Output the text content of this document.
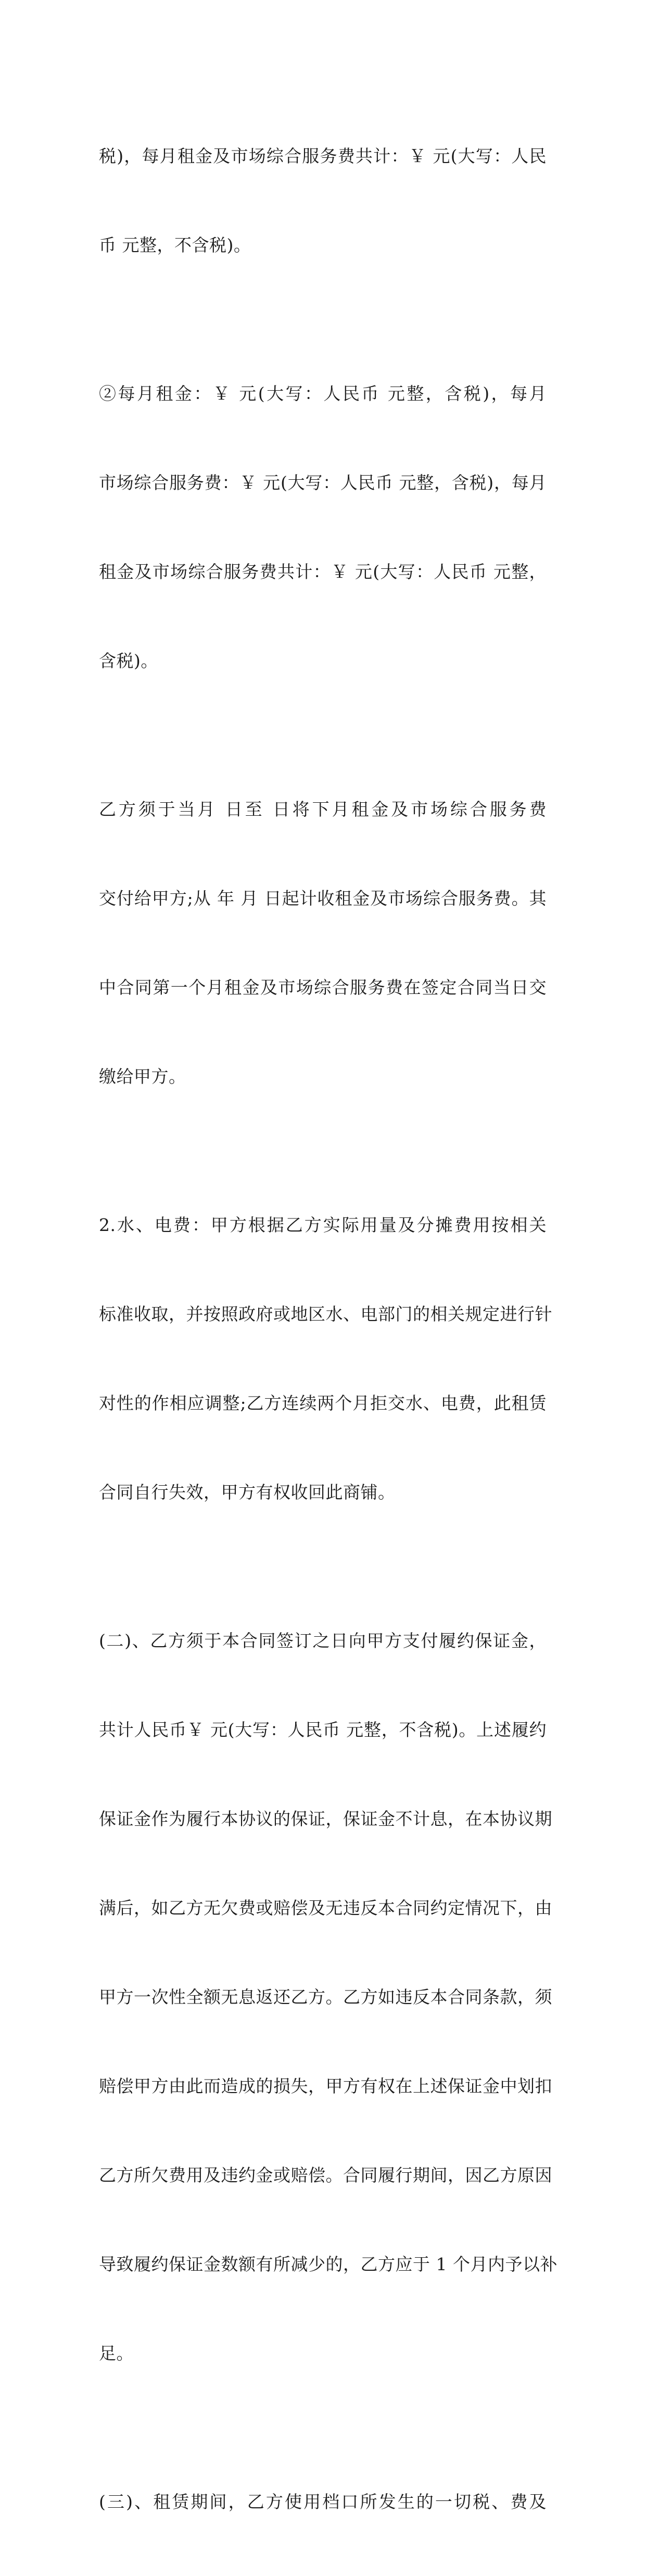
税)，每月租金及市场综合服务费共计：￥ 元(大写：人民

币 元整，不含税)。

②每月租金：￥ 元(大写：人民币 元整，含税)，每月

市场综合服务费：￥ 元(大写：人民币 元整，含税)，每月

租金及市场综合服务费共计：￥ 元(大写：人民币 元整，

含税)。

乙方须于当月 日至 日将下月租金及市场综合服务费

交付给甲方;从 年 月 日起计收租金及市场综合服务费。其

中合同第一个月租金及市场综合服务费在签定合同当日交

缴给甲方。

2.水、电费：甲方根据乙方实际用量及分摊费用按相关

标准收取，并按照政府或地区水、电部门的相关规定进行针

对性的作相应调整;乙方连续两个月拒交水、电费，此租赁

合同自行失效，甲方有权收回此商铺。

(二)、乙方须于本合同签订之日向甲方支付履约保证金，

共计人民币￥ 元(大写：人民币 元整，不含税)。上述履约

保证金作为履行本协议的保证，保证金不计息，在本协议期

满后，如乙方无欠费或赔偿及无违反本合同约定情况下，由

甲方一次性全额无息返还乙方。乙方如违反本合同条款，须

赔偿甲方由此而造成的损失，甲方有权在上述保证金中划扣

乙方所欠费用及违约金或赔偿。合同履行期间，因乙方原因

导致履约保证金数额有所减少的，乙方应于 1 个月内予以补

足。

(三)、租赁期间，乙方使用档口所发生的一切税、费及
